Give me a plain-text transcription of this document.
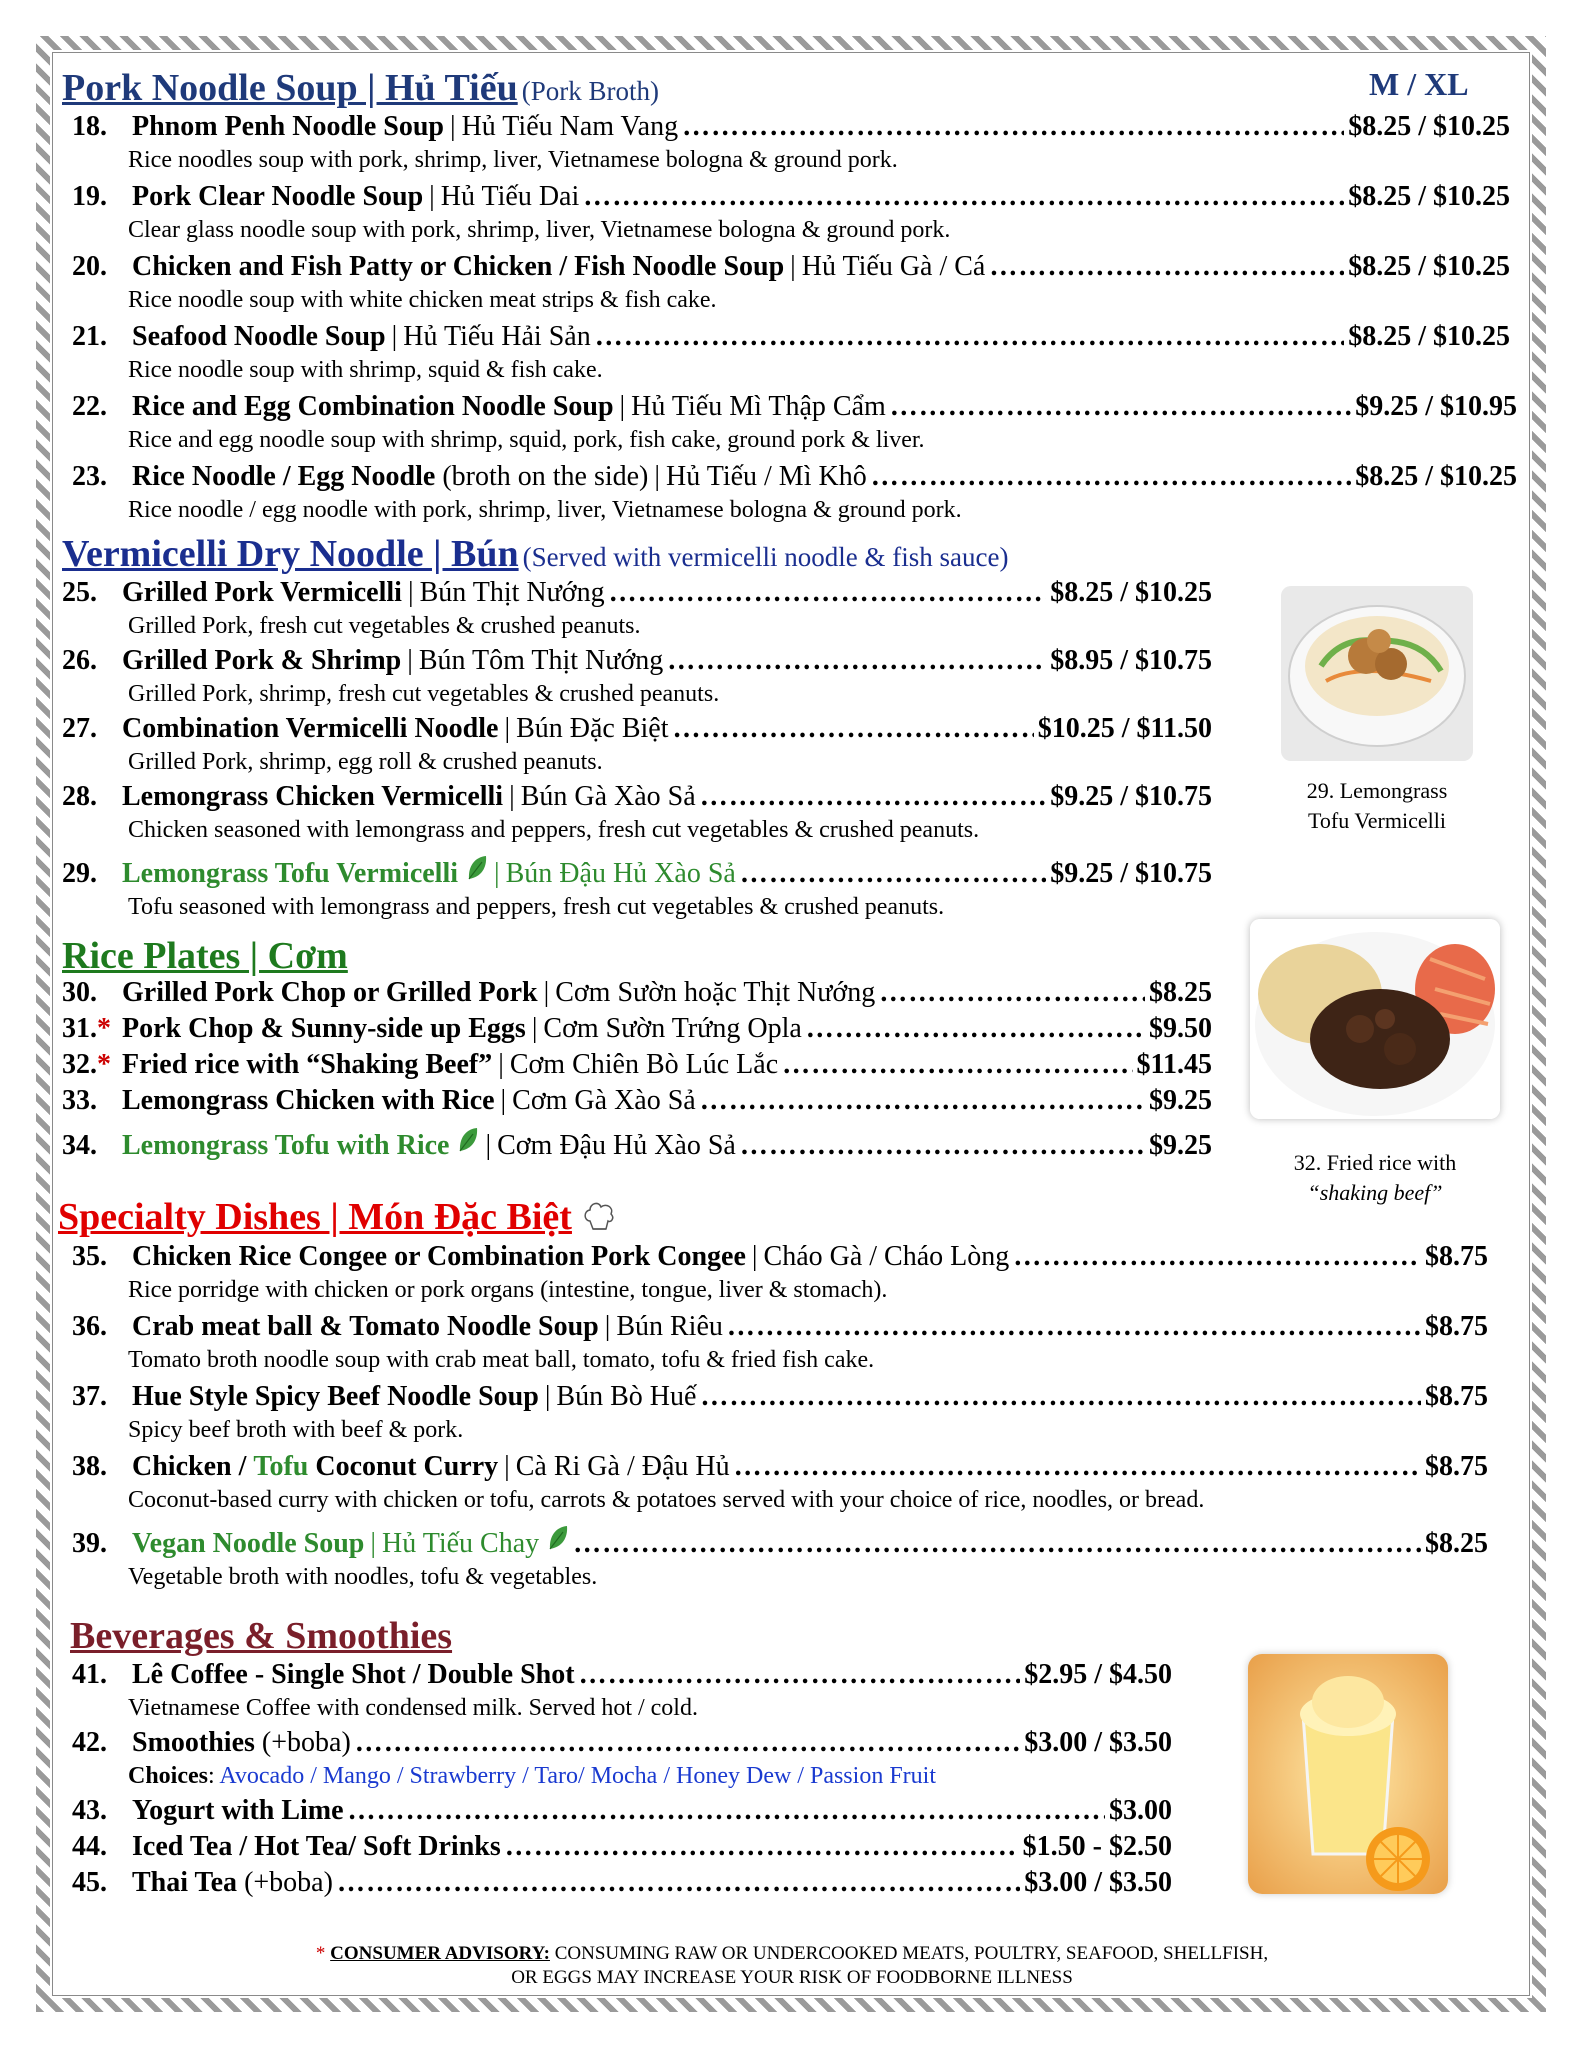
Pork Noodle Soup | Hủ Tiếu (Pork Broth)	M / XL
18. Phnom Penh Noodle Soup | Hủ Tiếu Nam Vang ………………………………………………………………………………………………………………………………………………………………	$8.25 / $10.25
Rice noodles soup with pork, shrimp, liver, Vietnamese bologna & ground pork.
19. Pork Clear Noodle Soup | Hủ Tiếu Dai ………………………………………………………………………………………………………………………………………………………………	$8.25 / $10.25
Clear glass noodle soup with pork, shrimp, liver, Vietnamese bologna & ground pork.
20. Chicken and Fish Patty or Chicken / Fish Noodle Soup | Hủ Tiếu Gà / Cá ………………………………………………………………………………………………………………………………………………………………	$8.25 / $10.25
Rice noodle soup with white chicken meat strips & fish cake.
21. Seafood Noodle Soup | Hủ Tiếu Hải Sản ………………………………………………………………………………………………………………………………………………………………	$8.25 / $10.25
Rice noodle soup with shrimp, squid & fish cake.
22. Rice and Egg Combination Noodle Soup | Hủ Tiếu Mì Thập Cẩm ………………………………………………………………………………………………………………………………………………………………	$9.25 / $10.95
Rice and egg noodle soup with shrimp, squid, pork, fish cake, ground pork & liver.
23. Rice Noodle / Egg Noodle
(broth on the side) | Hủ Tiếu / Mì Khô ………………………………………………………………………………………………………………………………………………………………	$8.25 / $10.25
Rice noodle / egg noodle with pork, shrimp, liver, Vietnamese bologna & ground pork.
Vermicelli Dry Noodle | Bún (Served with vermicelli noodle & fish sauce)
25. Grilled Pork Vermicelli | Bún Thịt Nướng ………………………………………………………………………………………………………………………………………………………………	$8.25 / $10.25
Grilled Pork, fresh cut vegetables & crushed peanuts.
26. Grilled Pork & Shrimp | Bún Tôm Thịt Nướng ………………………………………………………………………………………………………………………………………………………………	$8.95 / $10.75
Grilled Pork, shrimp, fresh cut vegetables & crushed peanuts.
27. Combination Vermicelli Noodle | Bún Đặc Biệt ………………………………………………………………………………………………………………………………………………………………	$10.25 / $11.50
Grilled Pork, shrimp, egg roll & crushed peanuts.
28. Lemongrass Chicken Vermicelli | Bún Gà Xào Sả ………………………………………………………………………………………………………………………………………………………………	$9.25 / $10.75
Chicken seasoned with lemongrass and peppers, fresh cut vegetables & crushed peanuts.
29. Lemongrass Tofu Vermicelli | Bún Đậu Hủ Xào Sả ………………………………………………………………………………………………………………………………………………………………	$9.25 / $10.75
Tofu seasoned with lemongrass and peppers, fresh cut vegetables & crushed peanuts.
29. Lemongrass
Tofu Vermicelli
Rice Plates | Cơm
30. Grilled Pork Chop or Grilled Pork | Cơm Sườn hoặc Thịt Nướng ………………………………………………………………………………………………………………………………………………………………	$8.25
31.* Pork Chop & Sunny-side up Eggs | Cơm Sườn Trứng Opla ………………………………………………………………………………………………………………………………………………………………	$9.50
32.* Fried rice with “Shaking Beef” | Cơm Chiên Bò Lúc Lắc ………………………………………………………………………………………………………………………………………………………………	$11.45
33. Lemongrass Chicken with Rice | Cơm Gà Xào Sả ………………………………………………………………………………………………………………………………………………………………	$9.25
34. Lemongrass Tofu with Rice | Cơm Đậu Hủ Xào Sả ………………………………………………………………………………………………………………………………………………………………	$9.25
32. Fried rice with
“shaking beef”
Specialty Dishes | Món Đặc Biệt
35. Chicken Rice Congee or Combination Pork Congee | Cháo Gà / Cháo Lòng ………………………………………………………………………………………………………………………………………………………………	$8.75
Rice porridge with chicken or pork organs (intestine, tongue, liver & stomach).
36. Crab meat ball & Tomato Noodle Soup | Bún Riêu ………………………………………………………………………………………………………………………………………………………………	$8.75
Tomato broth noodle soup with crab meat ball, tomato, tofu & fried fish cake.
37. Hue Style Spicy Beef Noodle Soup | Bún Bò Huế ………………………………………………………………………………………………………………………………………………………………	$8.75
Spicy beef broth with beef & pork.
38. Chicken / Tofu Coconut Curry | Cà Ri Gà / Đậu Hủ ………………………………………………………………………………………………………………………………………………………………	$8.75
Coconut-based curry with chicken or tofu, carrots & potatoes served with your choice of rice, noodles, or bread.
39. Vegan Noodle Soup | Hủ Tiếu Chay ………………………………………………………………………………………………………………………………………………………………	$8.25
Vegetable broth with noodles, tofu & vegetables.
Beverages & Smoothies
41. Lê Coffee - Single Shot / Double Shot ………………………………………………………………………………………………………………………………………………………………	$2.95 / $4.50
Vietnamese Coffee with condensed milk. Served hot / cold.
42. Smoothies
(+boba) ………………………………………………………………………………………………………………………………………………………………	$3.00 / $3.50
Choices: Avocado / Mango / Strawberry / Taro/ Mocha / Honey Dew / Passion Fruit
43. Yogurt with Lime ………………………………………………………………………………………………………………………………………………………………	$3.00
44. Iced Tea / Hot Tea/ Soft Drinks ………………………………………………………………………………………………………………………………………………………………	$1.50 - $2.50
45. Thai Tea
(+boba) ………………………………………………………………………………………………………………………………………………………………	$3.00 / $3.50
* CONSUMER ADVISORY: CONSUMING RAW OR UNDERCOOKED MEATS, POULTRY, SEAFOOD, SHELLFISH,
OR EGGS MAY INCREASE YOUR RISK OF FOODBORNE ILLNESS
